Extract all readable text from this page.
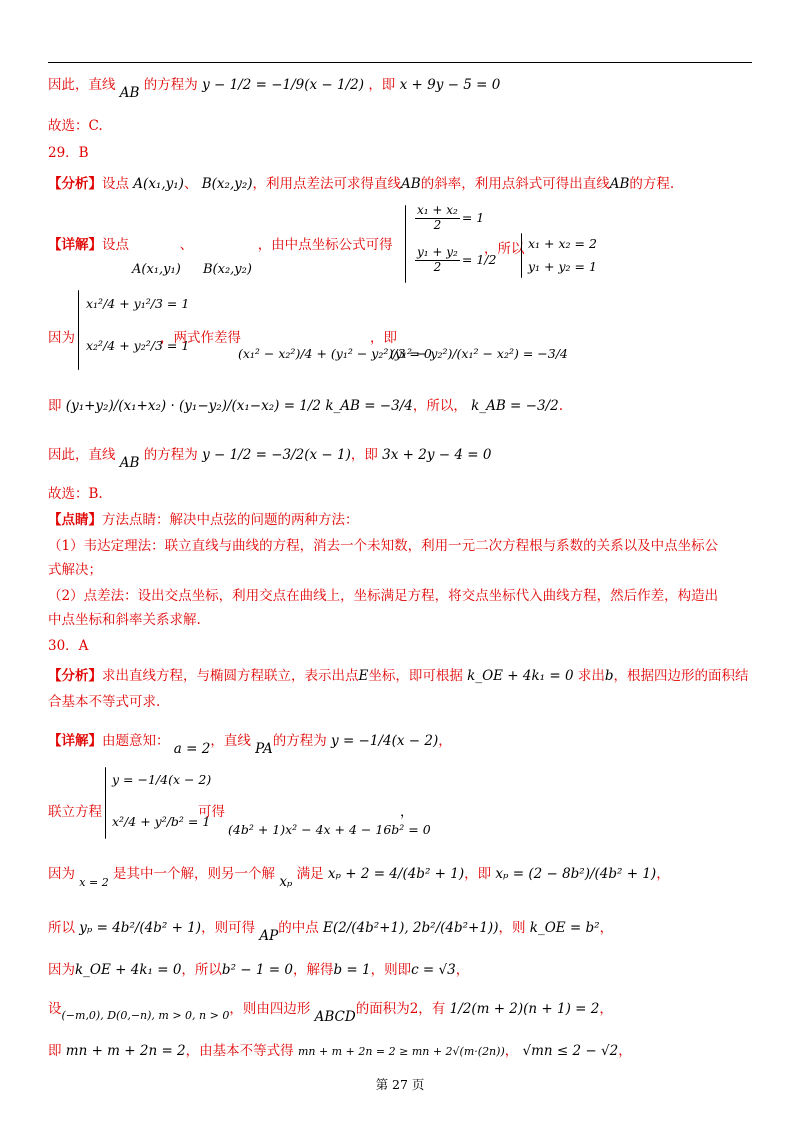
因此，直线 AB 的方程为 y − 1/2 = −1/9(x − 1/2) ，即 x + 9y − 5 = 0
故选：C.
29．B
【分析】设点 A(x₁,y₁)、 B(x₂,y₂)，利用点差法可求得直线AB的斜率，利用点斜式可得出直线AB的方程.
【详解】设点	、	，由中点坐标公式可得
A(x₁,y₁) B(x₂,y₂)
$\frac{\text{x₁ + x₂}}{2} = 1$
$\frac{\text{y₁ + y₂}}{2} = 1/2$
，所以 x₁ + x₂ = 2
y₁ + y₂ = 1
x₁²/4 + y₁²/3 = 1
x₂²/4 + y₂²/3 = 1
因为	，两式作差得
(x₁² − x₂²)/4 + (y₁² − y₂²)/3 = 0
，即
(y₁² − y₂²)/(x₁² − x₂²) = −3/4
即 (y₁+y₂)/(x₁+x₂) · (y₁−y₂)/(x₁−x₂) = 1/2 k_AB = −3/4，所以， k_AB = −3/2.
因此，直线 AB 的方程为 y − 1/2 = −3/2(x − 1)，即 3x + 2y − 4 = 0
故选：B.
【点睛】方法点睛：解决中点弦的问题的两种方法：
（1）韦达定理法：联立直线与曲线的方程，消去一个未知数，利用一元二次方程根与系数的关系以及中点坐标公
式解决；
（2）点差法：设出交点坐标，利用交点在曲线上，坐标满足方程，将交点坐标代入曲线方程，然后作差，构造出
中点坐标和斜率关系求解.
30．A
【分析】求出直线方程，与椭圆方程联立，表示出点E坐标，即可根据 k_OE + 4k₁ = 0 求出b，根据四边形的面积结
合基本不等式可求.
【详解】由题意知： a = 2，直线 PA的方程为 y = −1/4(x − 2)，
联立方程
y = −1/4(x − 2)
x²/4 + y²/b² = 1
可得
(4b² + 1)x² − 4x + 4 − 16b² = 0
，
因为 $_{x = 2}$ 是其中一个解，则另一个解 xₚ 满足 xₚ + 2 = 4/(4b² + 1)，即 xₚ = (2 − 8b²)/(4b² + 1)，
所以 yₚ = 4b²/(4b² + 1)，则可得 AP的中点 E(2/(4b²+1), 2b²/(4b²+1))，则 k_OE = b²，
因为k_OE + 4k₁ = 0，所以b² − 1 = 0，解得b = 1，则即c = √3，
设$_{(-m,0), D(0,-n), m > 0, n > 0}$，则由四边形 ABCD的面积为2，有 1/2(m + 2)(n + 1) = 2，
即 mn + m + 2n = 2，由基本不等式得 mn + m + 2n = 2 ≥ mn + 2√(m·(2n))， √mn ≤ 2 − √2，
第 27 页
